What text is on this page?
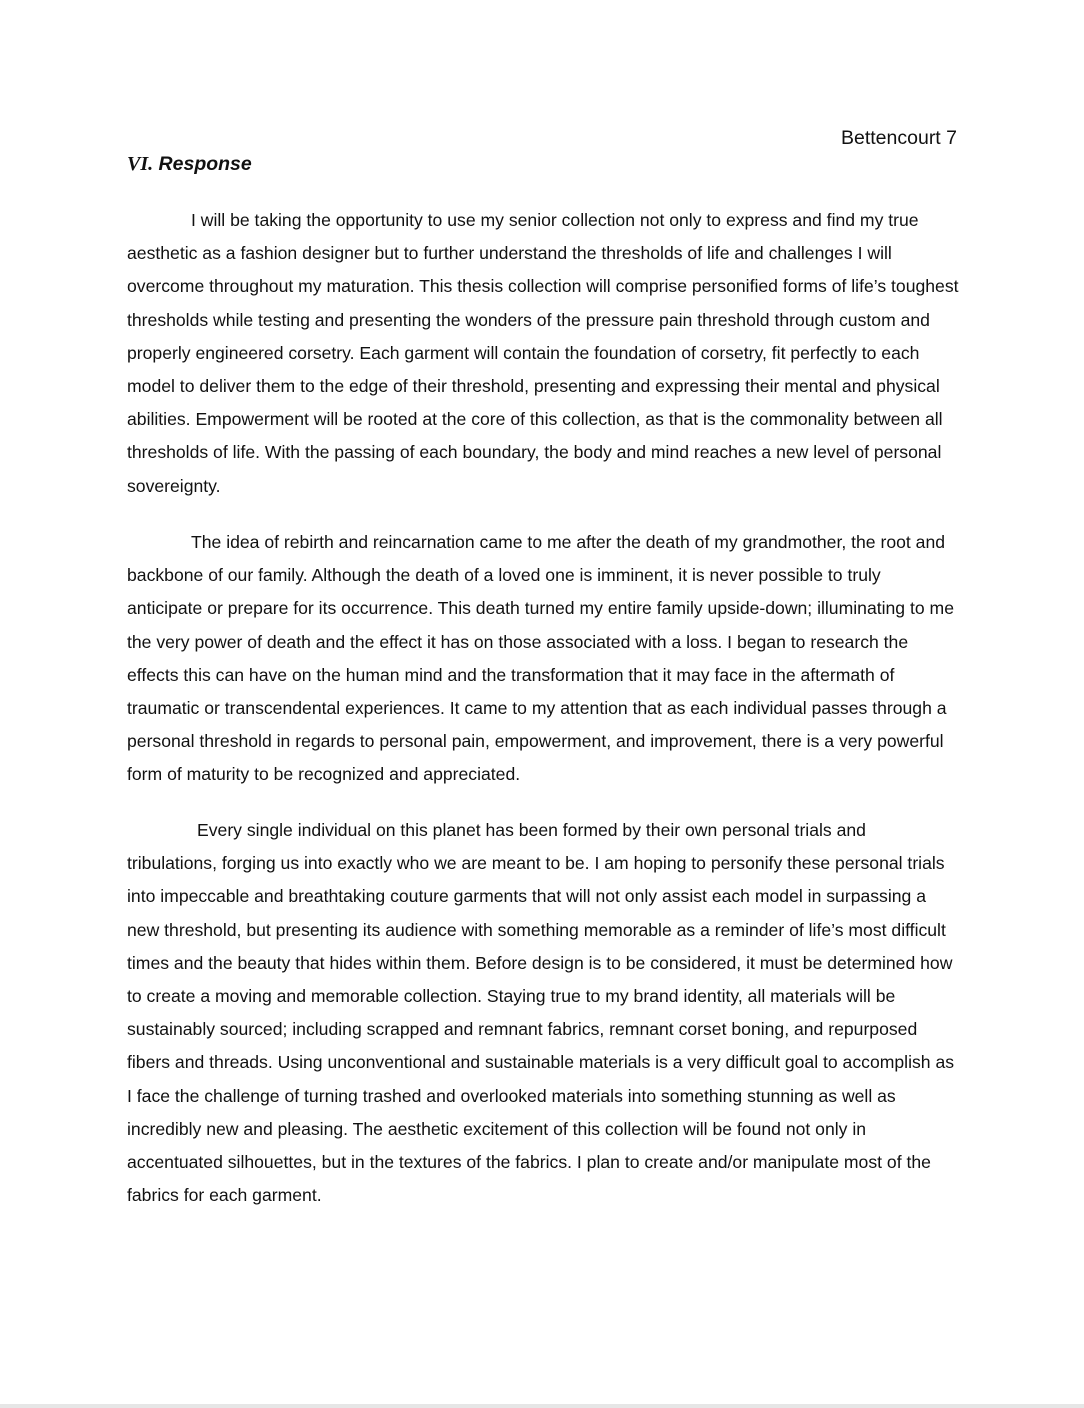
Bettencourt 7
VI. Response

I will be taking the opportunity to use my senior collection not only to express and find my true aesthetic as a fashion designer but to further understand the thresholds of life and challenges I will overcome throughout my maturation. This thesis collection will comprise personified forms of life’s toughest thresholds while testing and presenting the wonders of the pressure pain threshold through custom and properly engineered corsetry. Each garment will contain the foundation of corsetry, fit perfectly to each model to deliver them to the edge of their threshold, presenting and expressing their mental and physical abilities. Empowerment will be rooted at the core of this collection, as that is the commonality between all thresholds of life. With the passing of each boundary, the body and mind reaches a new level of personal sovereignty.

The idea of rebirth and reincarnation came to me after the death of my grandmother, the root and backbone of our family. Although the death of a loved one is imminent, it is never possible to truly anticipate or prepare for its occurrence. This death turned my entire family upside-down; illuminating to me the very power of death and the effect it has on those associated with a loss. I began to research the effects this can have on the human mind and the transformation that it may face in the aftermath of traumatic or transcendental experiences. It came to my attention that as each individual passes through a personal threshold in regards to personal pain, empowerment, and improvement, there is a very powerful form of maturity to be recognized and appreciated.

Every single individual on this planet has been formed by their own personal trials and tribulations, forging us into exactly who we are meant to be. I am hoping to personify these personal trials into impeccable and breathtaking couture garments that will not only assist each model in surpassing a new threshold, but presenting its audience with something memorable as a reminder of life’s most difficult times and the beauty that hides within them. Before design is to be considered, it must be determined how to create a moving and memorable collection. Staying true to my brand identity, all materials will be sustainably sourced; including scrapped and remnant fabrics, remnant corset boning, and repurposed fibers and threads. Using unconventional and sustainable materials is a very difficult goal to accomplish as I face the challenge of turning trashed and overlooked materials into something stunning as well as incredibly new and pleasing. The aesthetic excitement of this collection will be found not only in accentuated silhouettes, but in the textures of the fabrics. I plan to create and/or manipulate most of the fabrics for each garment.
